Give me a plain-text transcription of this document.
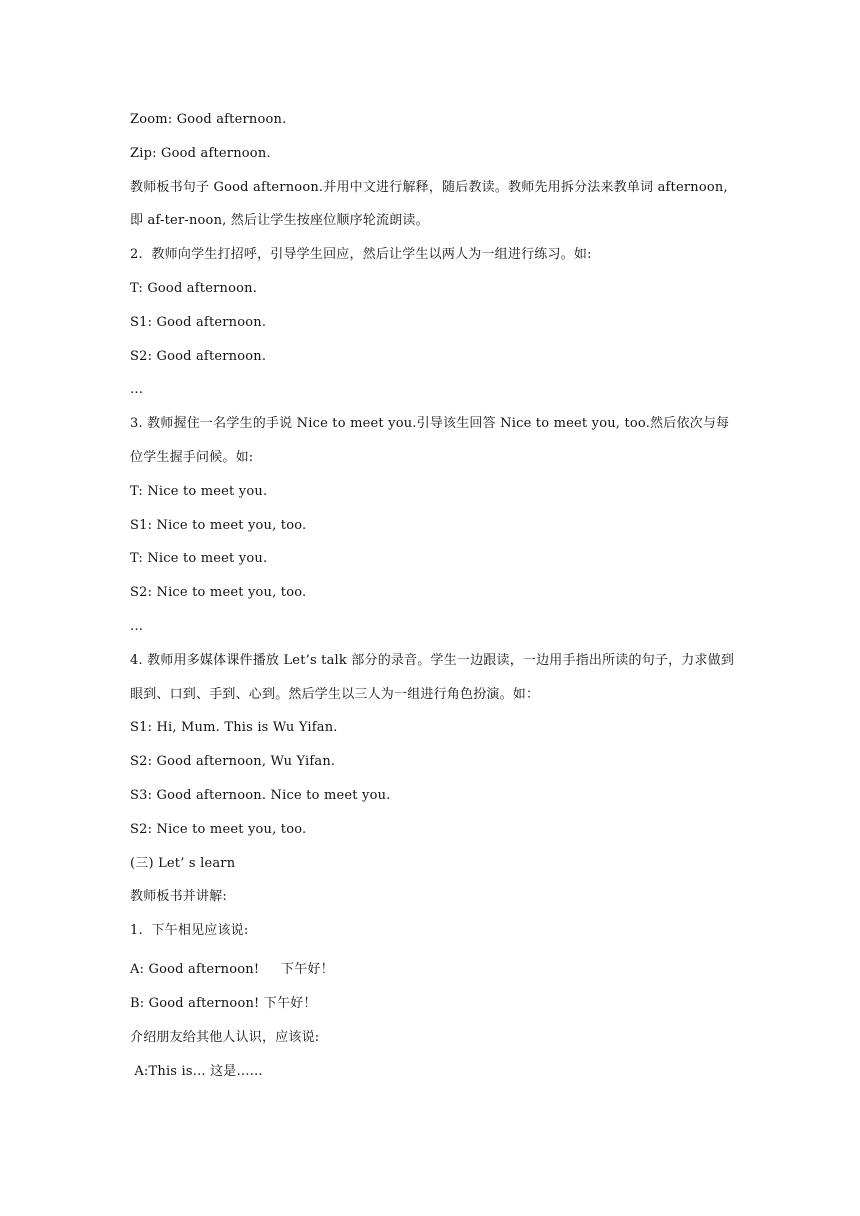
Zoom: Good afternoon.
Zip: Good afternoon.
教师板书句子 Good afternoon.并用中文进行解释，随后教读。教师先用拆分法来教单词 afternoon, 即 af-ter-noon, 然后让学生按座位顺序轮流朗读。
2.  教师向学生打招呼，引导学生回应，然后让学生以两人为一组进行练习。如:
T: Good afternoon.
S1: Good afternoon.
S2: Good afternoon.
…
3. 教师握住一名学生的手说 Nice to meet you.引导该生回答 Nice to meet you, too.然后依次与每位学生握手问候。如:
T: Nice to meet you.
S1: Nice to meet you, too.
T: Nice to meet you.
S2: Nice to meet you, too.
…
4. 教师用多媒体课件播放 Let’s talk 部分的录音。学生一边跟读，一边用手指出所读的句子，力求做到眼到、口到、手到、心到。然后学生以三人为一组进行角色扮演。如：
S1: Hi, Mum. This is Wu Yifan.
S2: Good afternoon, Wu Yifan.
S3: Good afternoon. Nice to meet you.
S2: Nice to meet you, too.
(三) Let’ s learn
教师板书并讲解:
1.  下午相见应该说:
A: Good afternoon!     下午好！
B: Good afternoon! 下午好！
介绍朋友给其他人认识，应该说:
A:This is... 这是……
